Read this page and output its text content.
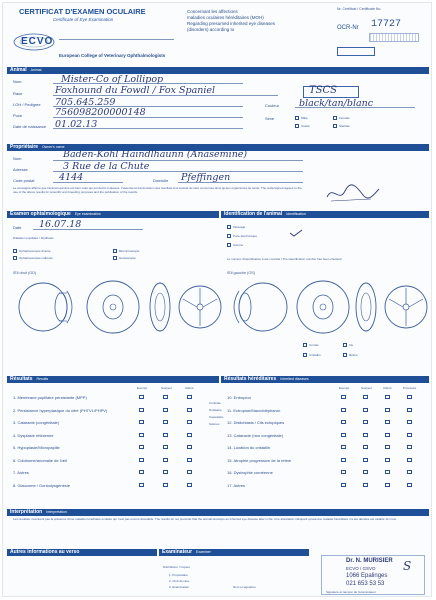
CERTIFICAT D'EXAMEN OCULAIRE
Certificate of Eye Examination
ECVO
European College of Veterinary Ophthalmologists
Concernant les affections
maladies oculaires héréditaires (MOH)
Regarding presumed inherited eye diseases
(disorders) according to
Nr. Certificat / Certificate No.
OCR-Nr 17727
Animal Animal
Nom	Mister-Co of Lollipop
Race	Foxhound du Fowdl / Fox Spaniel
LOH / Pedigree 705.645.259
Puce	756098200000148
Date de naissance 01.02.13
TSCS
Couleur black/tan/blanc
Sexe	Mâle	Femelle
Castré	Stérilisé
Propriétaire Owner's name
Nom	Baden-Kohl Haindlhaunn (Anasemine)
Adresse	3 Rue de la Chute
Code postal	4144	Domicile Pfeffingen
Le soussigné affirme que l'animal examiné est bien celui qui est décrit ci-dessus. J'autorise la transmission des résultats à la société de race concernée ainsi qu'aux organismes de santé. The undersigned agrees to the use of the above results for scientific and breeding purposes and the publication of the results.
Examen ophtalmologique Eye examination	Identification de l'animal Identification
Date 16.07.18
Dilatation pupillaire / Mydriasis
Ophtalmoscopie directe
Ophtalmoscopie indirecte
Biomicroscopie
Gonioscopie
Tatouage
Puce électronique
Aucune
Le numéro d'identification a été contrôlé / The identification number has been checked
Œil droit (OD)	Œil gauche (OS)
Cornée	Iris
Cristallin	Rétine
Résultats Results	Résultats héréditaires Inherited diseases
Exempt	Suspect	Atteint
1. Membrane pupillaire persistante (MPP)
2. Persistance hyperplasique du vitré (PHTVL/PHPV)
3. Cataracte (congénitale)
4. Dysplasie rétinienne
5. Hypoplasie/Micropapille
6. Colobome/anomalie de l'œil
7. Autres
8. Glaucome / Goniodysgénésie
10. Entropion
11. Ectropion/Macroblépharon
12. Distichiasis / Cils ectopiques
13. Cataracte (non congénitale)
14. Luxation du cristallin
15. Atrophie progressive de la rétine
16. Dystrophie cornéenne
17. Autres
Exempt	Suspect	Atteint	Provisoire
Corticale
Nucléaire
Capsulaire
Sutures
Interprétation Interpretation
Les résultats n'excluent pas la présence d'une maladie héréditaire oculaire qui n'est pas encore décelable. The results do not preclude that the animal develops an inherited eye disease later in life. Une attestation indiquant qu'aucune maladie héréditaire n'a été décelée est valable 12 mois.
Autres informations au verso	Examinateur Examiner
Distribution / Copies
1. Propriétaire
2. Club de race
3. Examinateur	Nom et signature
Dr. N. MURISIER
ECVO / GSVO
1066 Epalinges
021 653 53 53
Signature et tampon de l'examinateur
S
